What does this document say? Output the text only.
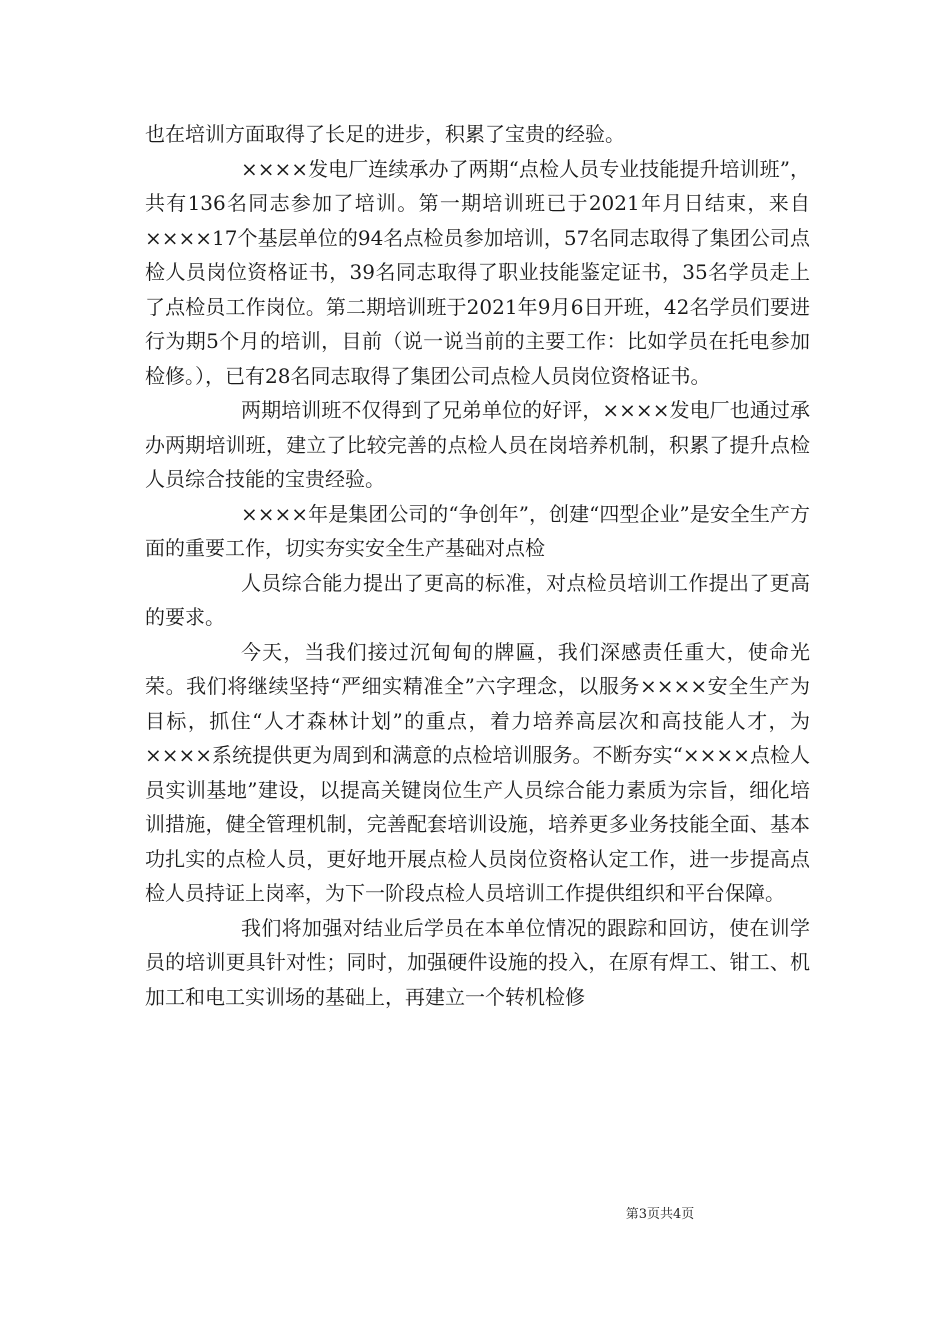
也在培训方面取得了长足的进步，积累了宝贵的经验。

××××发电厂连续承办了两期“点检人员专业技能提升培训班”，共有136名同志参加了培训。第一期培训班已于2021年月日结束，来自××××17个基层单位的94名点检员参加培训，57名同志取得了集团公司点检人员岗位资格证书，39名同志取得了职业技能鉴定证书，35名学员走上了点检员工作岗位。第二期培训班于2021年9月6日开班，42名学员们要进行为期5个月的培训，目前（说一说当前的主要工作：比如学员在托电参加检修。），已有28名同志取得了集团公司点检人员岗位资格证书。

两期培训班不仅得到了兄弟单位的好评，××××发电厂也通过承办两期培训班，建立了比较完善的点检人员在岗培养机制，积累了提升点检人员综合技能的宝贵经验。

××××年是集团公司的“争创年”，创建“四型企业”是安全生产方面的重要工作，切实夯实安全生产基础对点检

人员综合能力提出了更高的标准，对点检员培训工作提出了更高的要求。

今天，当我们接过沉甸甸的牌匾，我们深感责任重大，使命光荣。我们将继续坚持“严细实精准全”六字理念，以服务××××安全生产为目标，抓住“人才森林计划”的重点，着力培养高层次和高技能人才，为××××系统提供更为周到和满意的点检培训服务。不断夯实“××××点检人员实训基地”建设，以提高关键岗位生产人员综合能力素质为宗旨，细化培训措施，健全管理机制，完善配套培训设施，培养更多业务技能全面、基本功扎实的点检人员，更好地开展点检人员岗位资格认定工作，进一步提高点检人员持证上岗率，为下一阶段点检人员培训工作提供组织和平台保障。

我们将加强对结业后学员在本单位情况的跟踪和回访，使在训学员的培训更具针对性；同时，加强硬件设施的投入，在原有焊工、钳工、机加工和电工实训场的基础上，再建立一个转机检修

第3页共4页
